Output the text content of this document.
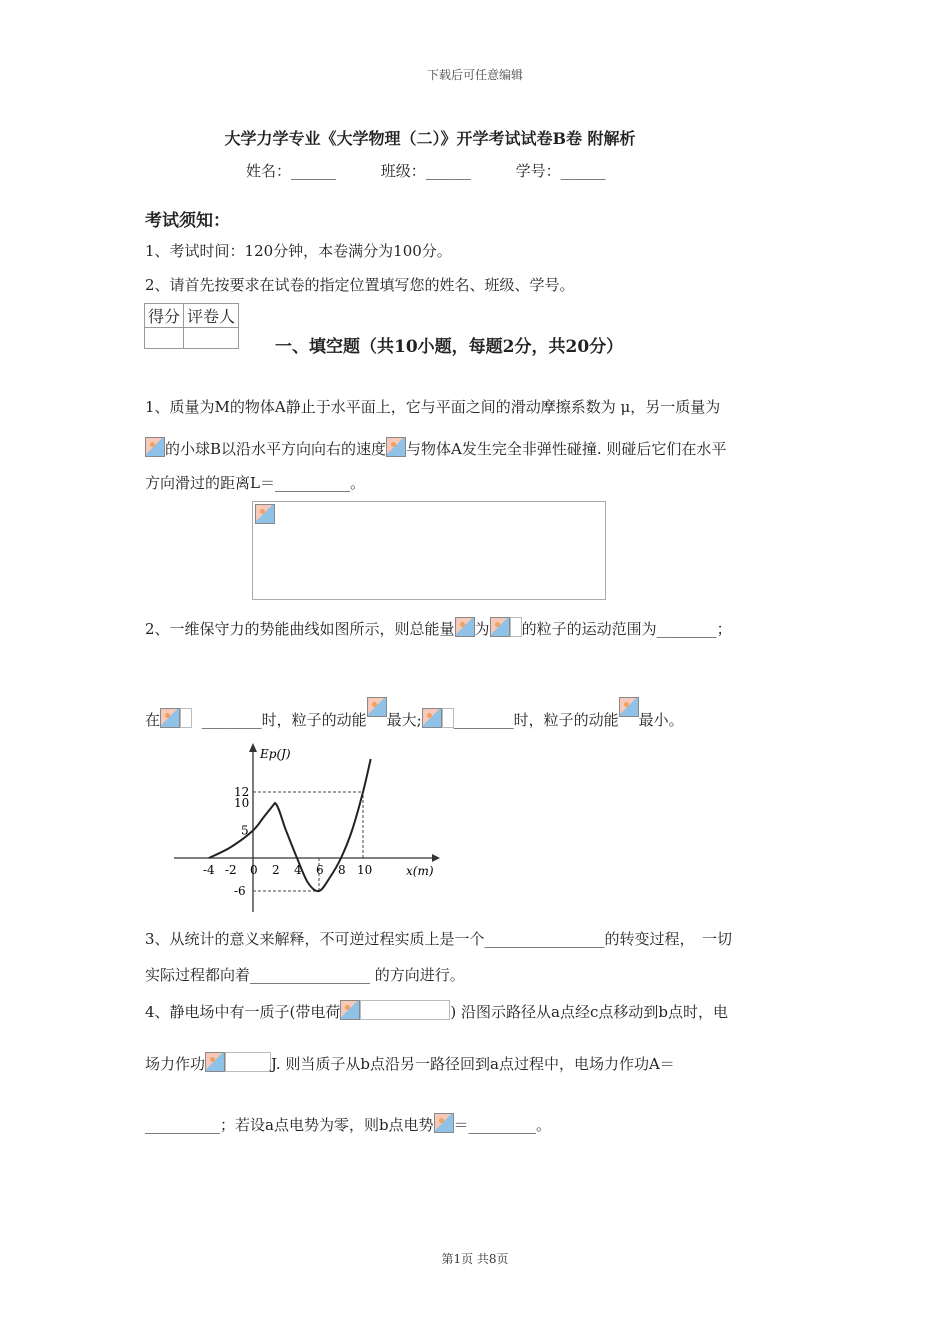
下载后可任意编辑
大学力学专业《大学物理（二）》开学考试试卷B卷 附解析
姓名：______	班级：______	学号：______
考试须知：
1、考试时间：120分钟，本卷满分为100分。
2、请首先按要求在试卷的指定位置填写您的姓名、班级、学号。
得分	评卷人

一、填空题（共10小题，每题2分，共20分）
1、质量为M的物体A静止于水平面上，它与平面之间的滑动摩擦系数为 μ，另一质量为
的小球B以沿水平方向向右的速度 与物体A发生完全非弹性碰撞. 则碰后它们在水平
方向滑过的距离L＝__________。
2、一维保守力的势能曲线如图所示，则总能量 为 的粒子的运动范围为________；
在	________时，粒子的动能 最大; ________时，粒子的动能 最小。
Ep(J)
x(m)
-4 -2 0 2 4 6 8 10
12
10
5
-6
3、从统计的意义来解释，不可逆过程实质上是一个________________的转变过程，　一切
实际过程都向着________________ 的方向进行。
4、静电场中有一质子(带电荷	) 沿图示路径从a点经c点移动到b点时，电
场力作功	J. 则当质子从b点沿另一路径回到a点过程中，电场力作功A＝
__________；若设a点电势为零，则b点电势 ＝_________。
第1页 共8页
